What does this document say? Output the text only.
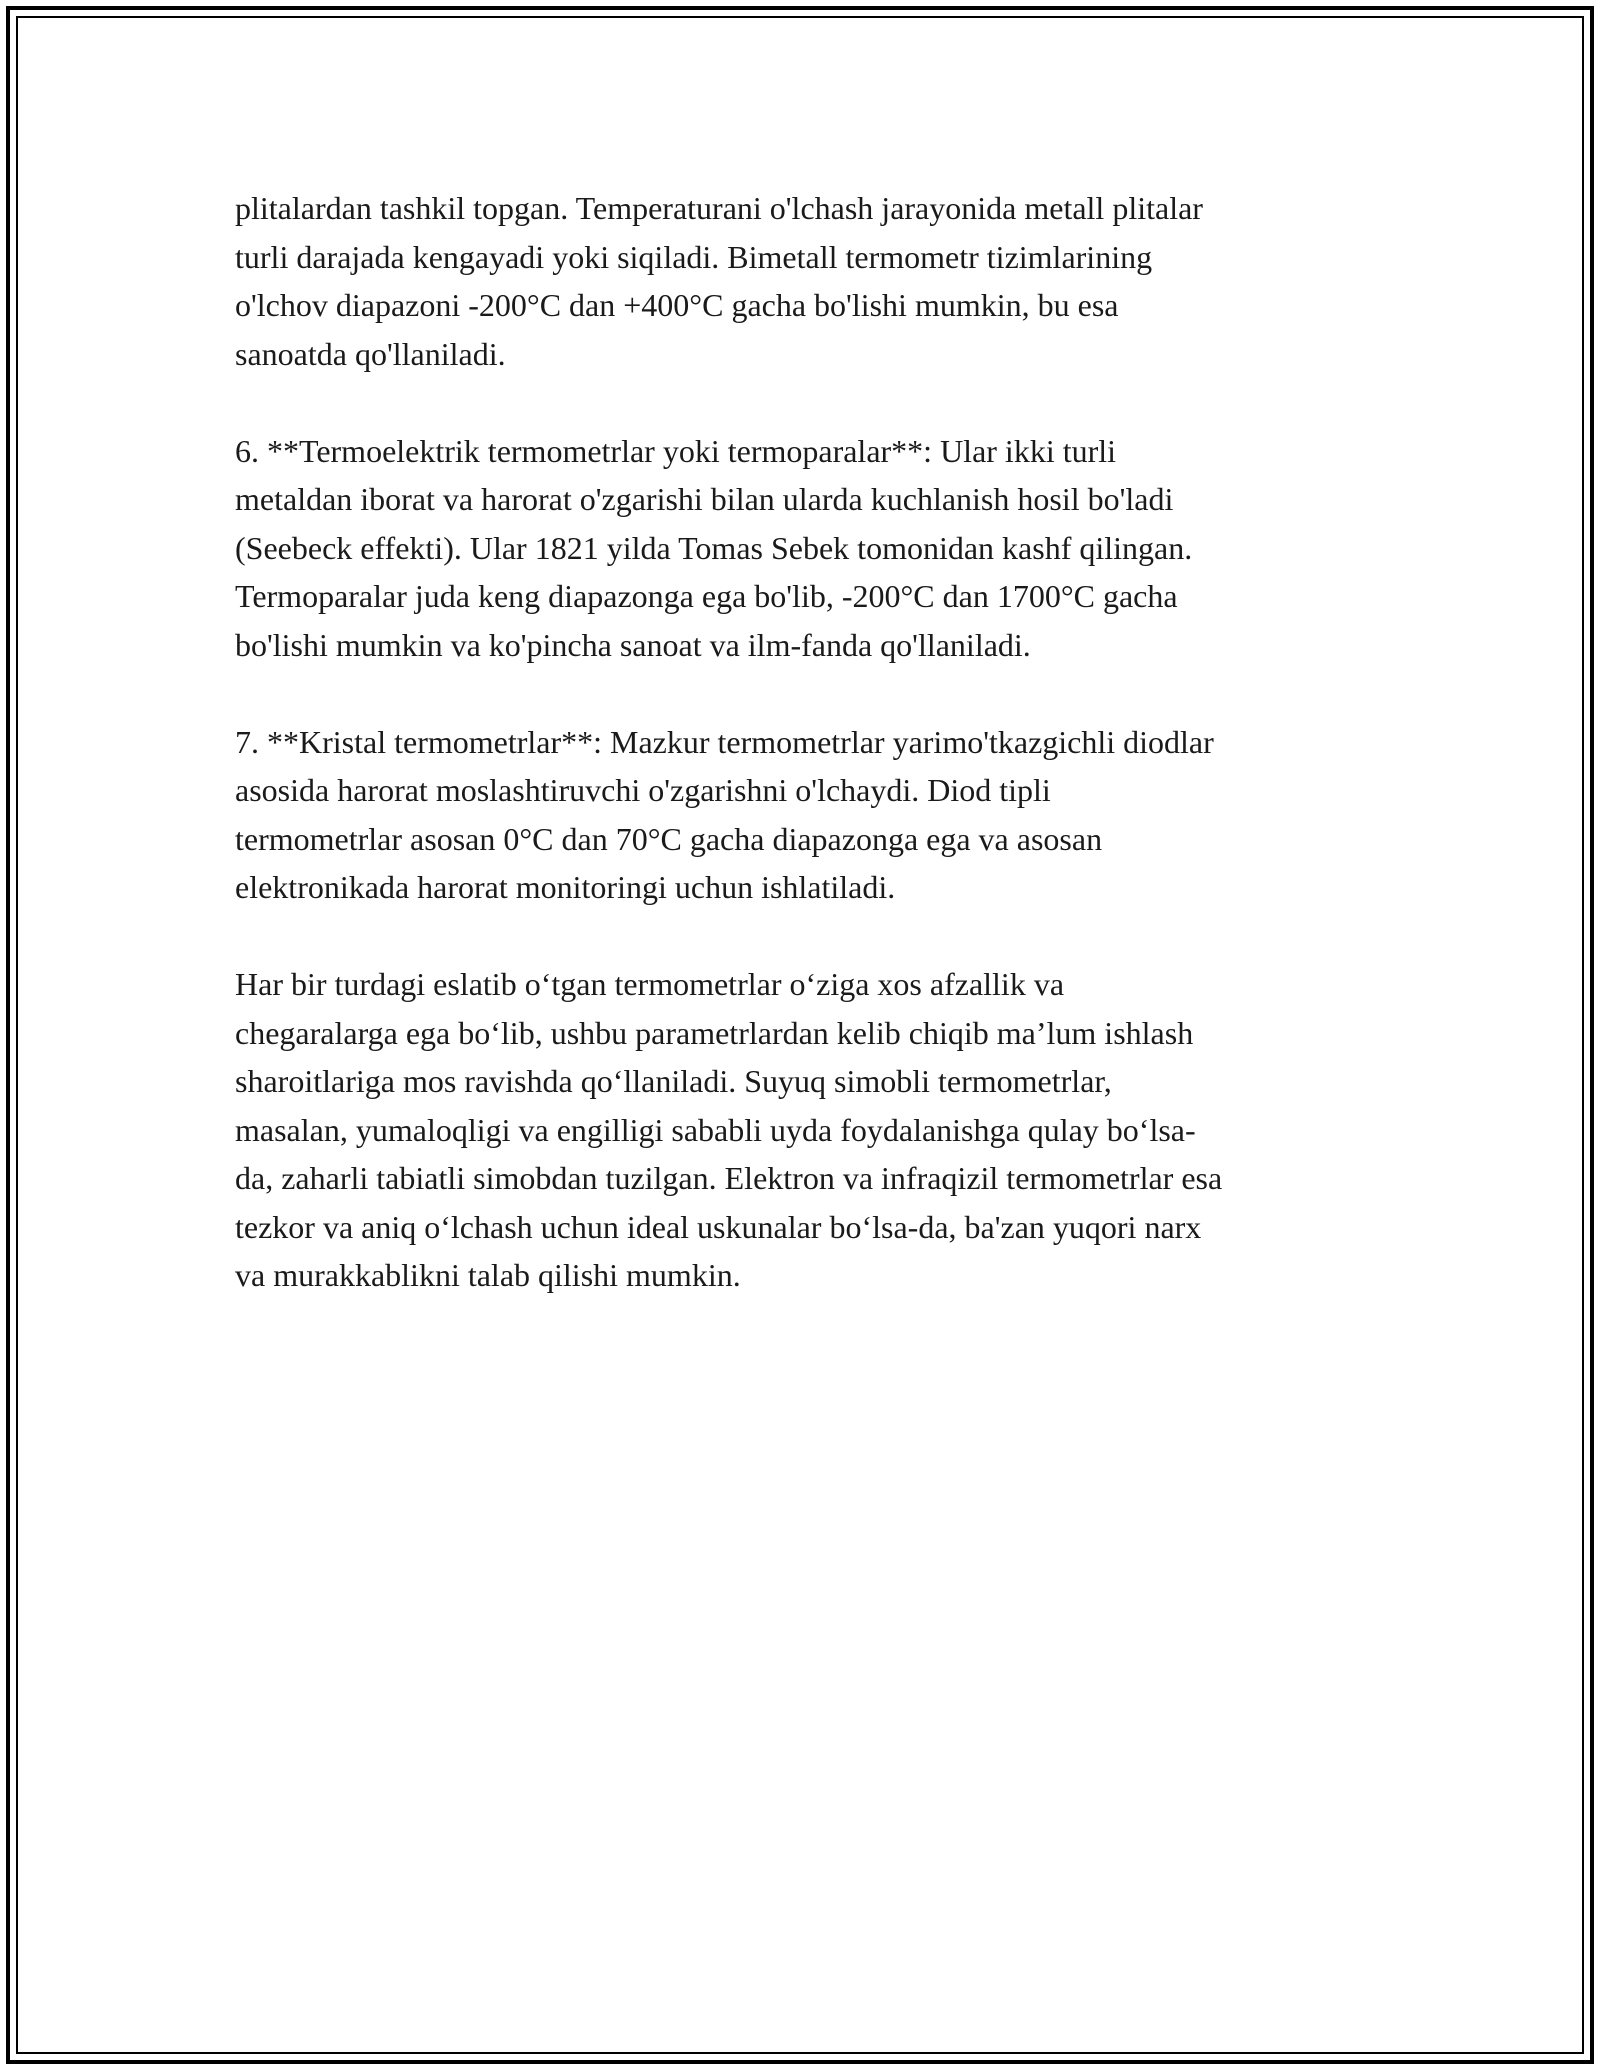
plitalardan tashkil topgan. Temperaturani o'lchash jarayonida metall plitalar
turli darajada kengayadi yoki siqiladi. Bimetall termometr tizimlarining
o'lchov diapazoni -200°C dan +400°C gacha bo'lishi mumkin, bu esa
sanoatda qo'llaniladi.

6. **Termoelektrik termometrlar yoki termoparalar**: Ular ikki turli
metaldan iborat va harorat o'zgarishi bilan ularda kuchlanish hosil bo'ladi
(Seebeck effekti). Ular 1821 yilda Tomas Sebek tomonidan kashf qilingan.
Termoparalar juda keng diapazonga ega bo'lib, -200°C dan 1700°C gacha
bo'lishi mumkin va ko'pincha sanoat va ilm-fanda qo'llaniladi.

7. **Kristal termometrlar**: Mazkur termometrlar yarimo'tkazgichli diodlar
asosida harorat moslashtiruvchi o'zgarishni o'lchaydi. Diod tipli
termometrlar asosan 0°C dan 70°C gacha diapazonga ega va asosan
elektronikada harorat monitoringi uchun ishlatiladi.

Har bir turdagi eslatib o‘tgan termometrlar o‘ziga xos afzallik va
chegaralarga ega bo‘lib, ushbu parametrlardan kelib chiqib ma’lum ishlash
sharoitlariga mos ravishda qo‘llaniladi. Suyuq simobli termometrlar,
masalan, yumaloqligi va engilligi sababli uyda foydalanishga qulay bo‘lsa-
da, zaharli tabiatli simobdan tuzilgan. Elektron va infraqizil termometrlar esa
tezkor va aniq o‘lchash uchun ideal uskunalar bo‘lsa-da, ba'zan yuqori narx
va murakkablikni talab qilishi mumkin.
